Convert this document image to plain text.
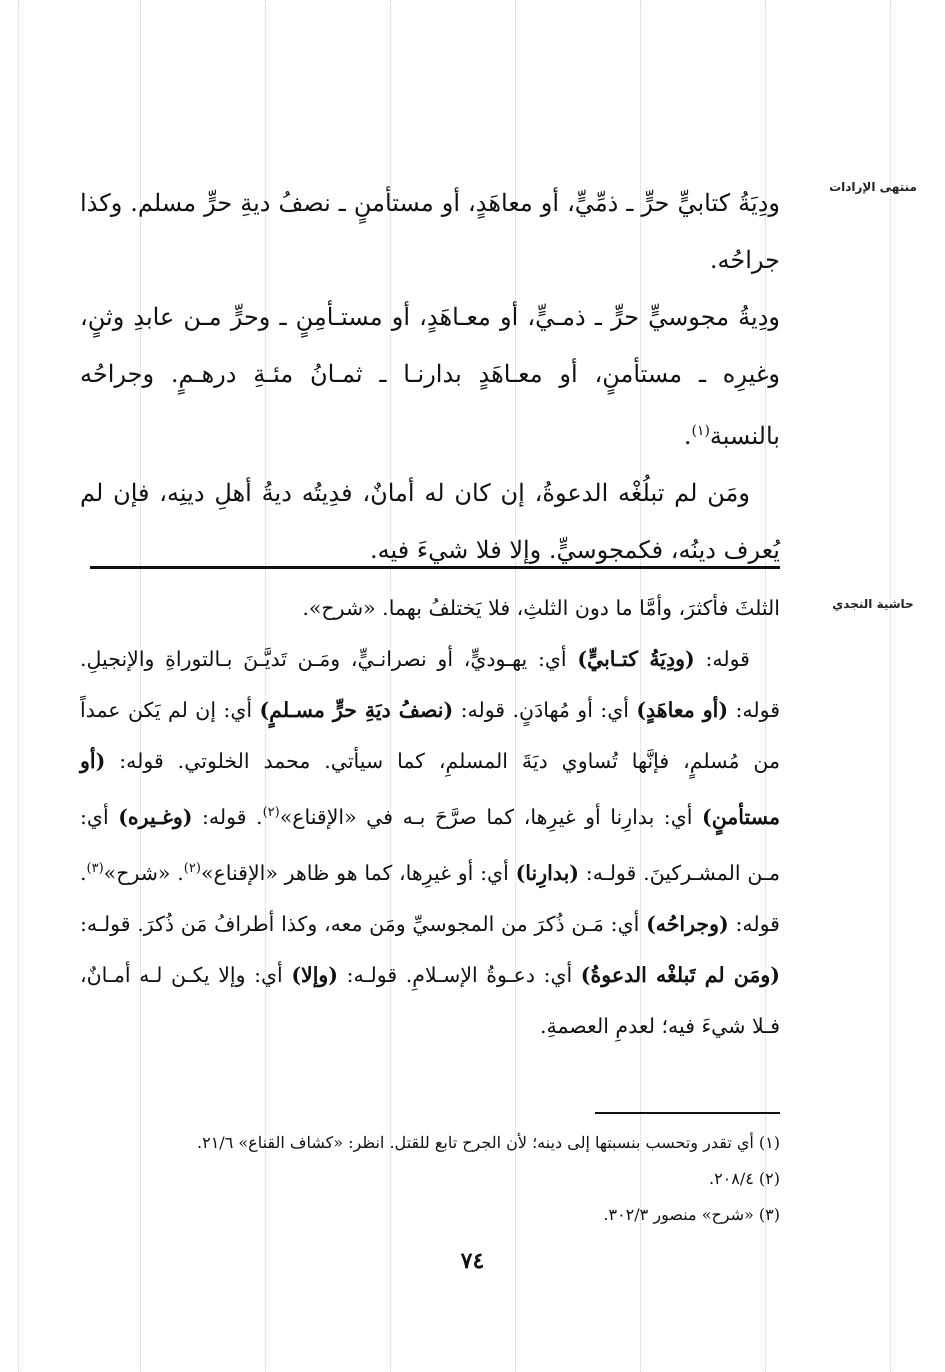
منتهى الإرادات
حاشية النجدي

ودِيَةُ كتابيٍّ حرٍّ ـ ذمِّيٍّ، أو معاهَدٍ، أو مستأمنٍ ـ نصفُ ديةِ حرٍّ مسلم. وكذا جراحُه.

ودِيةُ مجوسيٍّ حرٍّ ـ ذمـيٍّ، أو معـاهَدٍ، أو مستـأمِنٍ ـ وحرٍّ مـن عابدِ وثنٍ، وغيرِه ـ مستأمنٍ، أو معـاهَدٍ بدارنـا ـ ثمـانُ مئـةِ درهـمٍ. وجراحُه بالنسبة$^{(١)}$.

ومَن لم تبلُغْه الدعوةُ، إن كان له أمانٌ، فدِيتُه ديةُ أهلِ دينِه، فإن لم يُعرف دينُه، فكمجوسيٍّ. وإلا فلا شيءَ فيه.

الثلثَ فأكثرَ، وأمَّا ما دون الثلثِ، فلا يَختلفُ بهما. «شرح».

قوله: (ودِيَةُ كتـابيٍّ) أي: يهـوديٍّ، أو نصرانـيٍّ، ومَـن تَديَّـنَ بـالتوراةِ والإنجيلِ. قوله: (أو معاهَدٍ) أي: أو مُهادَنٍ. قوله: (نصفُ ديَةِ حرٍّ مسـلمٍ) أي: إن لم يَكن عمداً من مُسلمٍ، فإنَّها تُساوي ديَةَ المسلمِ، كما سيأتي. محمد الخلوتي. قوله: (أو مستأمنٍ) أي: بدارِنا أو غيرِها، كما صرَّحَ بـه في «الإقناع»$^{(٢)}$. قوله: (وغـيره) أي: مـن المشـركينَ. قولـه: (بدارِنا) أي: أو غيرِها، كما هو ظاهر «الإقناع»$^{(٢)}$. «شرح»$^{(٣)}$. قوله: (وجراحُه) أي: مَـن ذُكرَ من المجوسيِّ ومَن معه، وكذا أطرافُ مَن ذُكرَ. قولـه: (ومَن لم تَبلغْه الدعوةُ) أي: دعـوةُ الإسـلامِ. قولـه: (وإلا) أي: وإلا يكـن لـه أمـانٌ، فـلا شيءَ فيه؛ لعدمِ العصمةِ.

(١) أي تقدر وتحسب بنسبتها إلى دينه؛ لأن الجرح تابع للقتل. انظر: «كشاف القناع» ٢١/٦.
(٢) ٢٠٨/٤.
(٣) «شرح» منصور ٣٠٢/٣.
٧٤
